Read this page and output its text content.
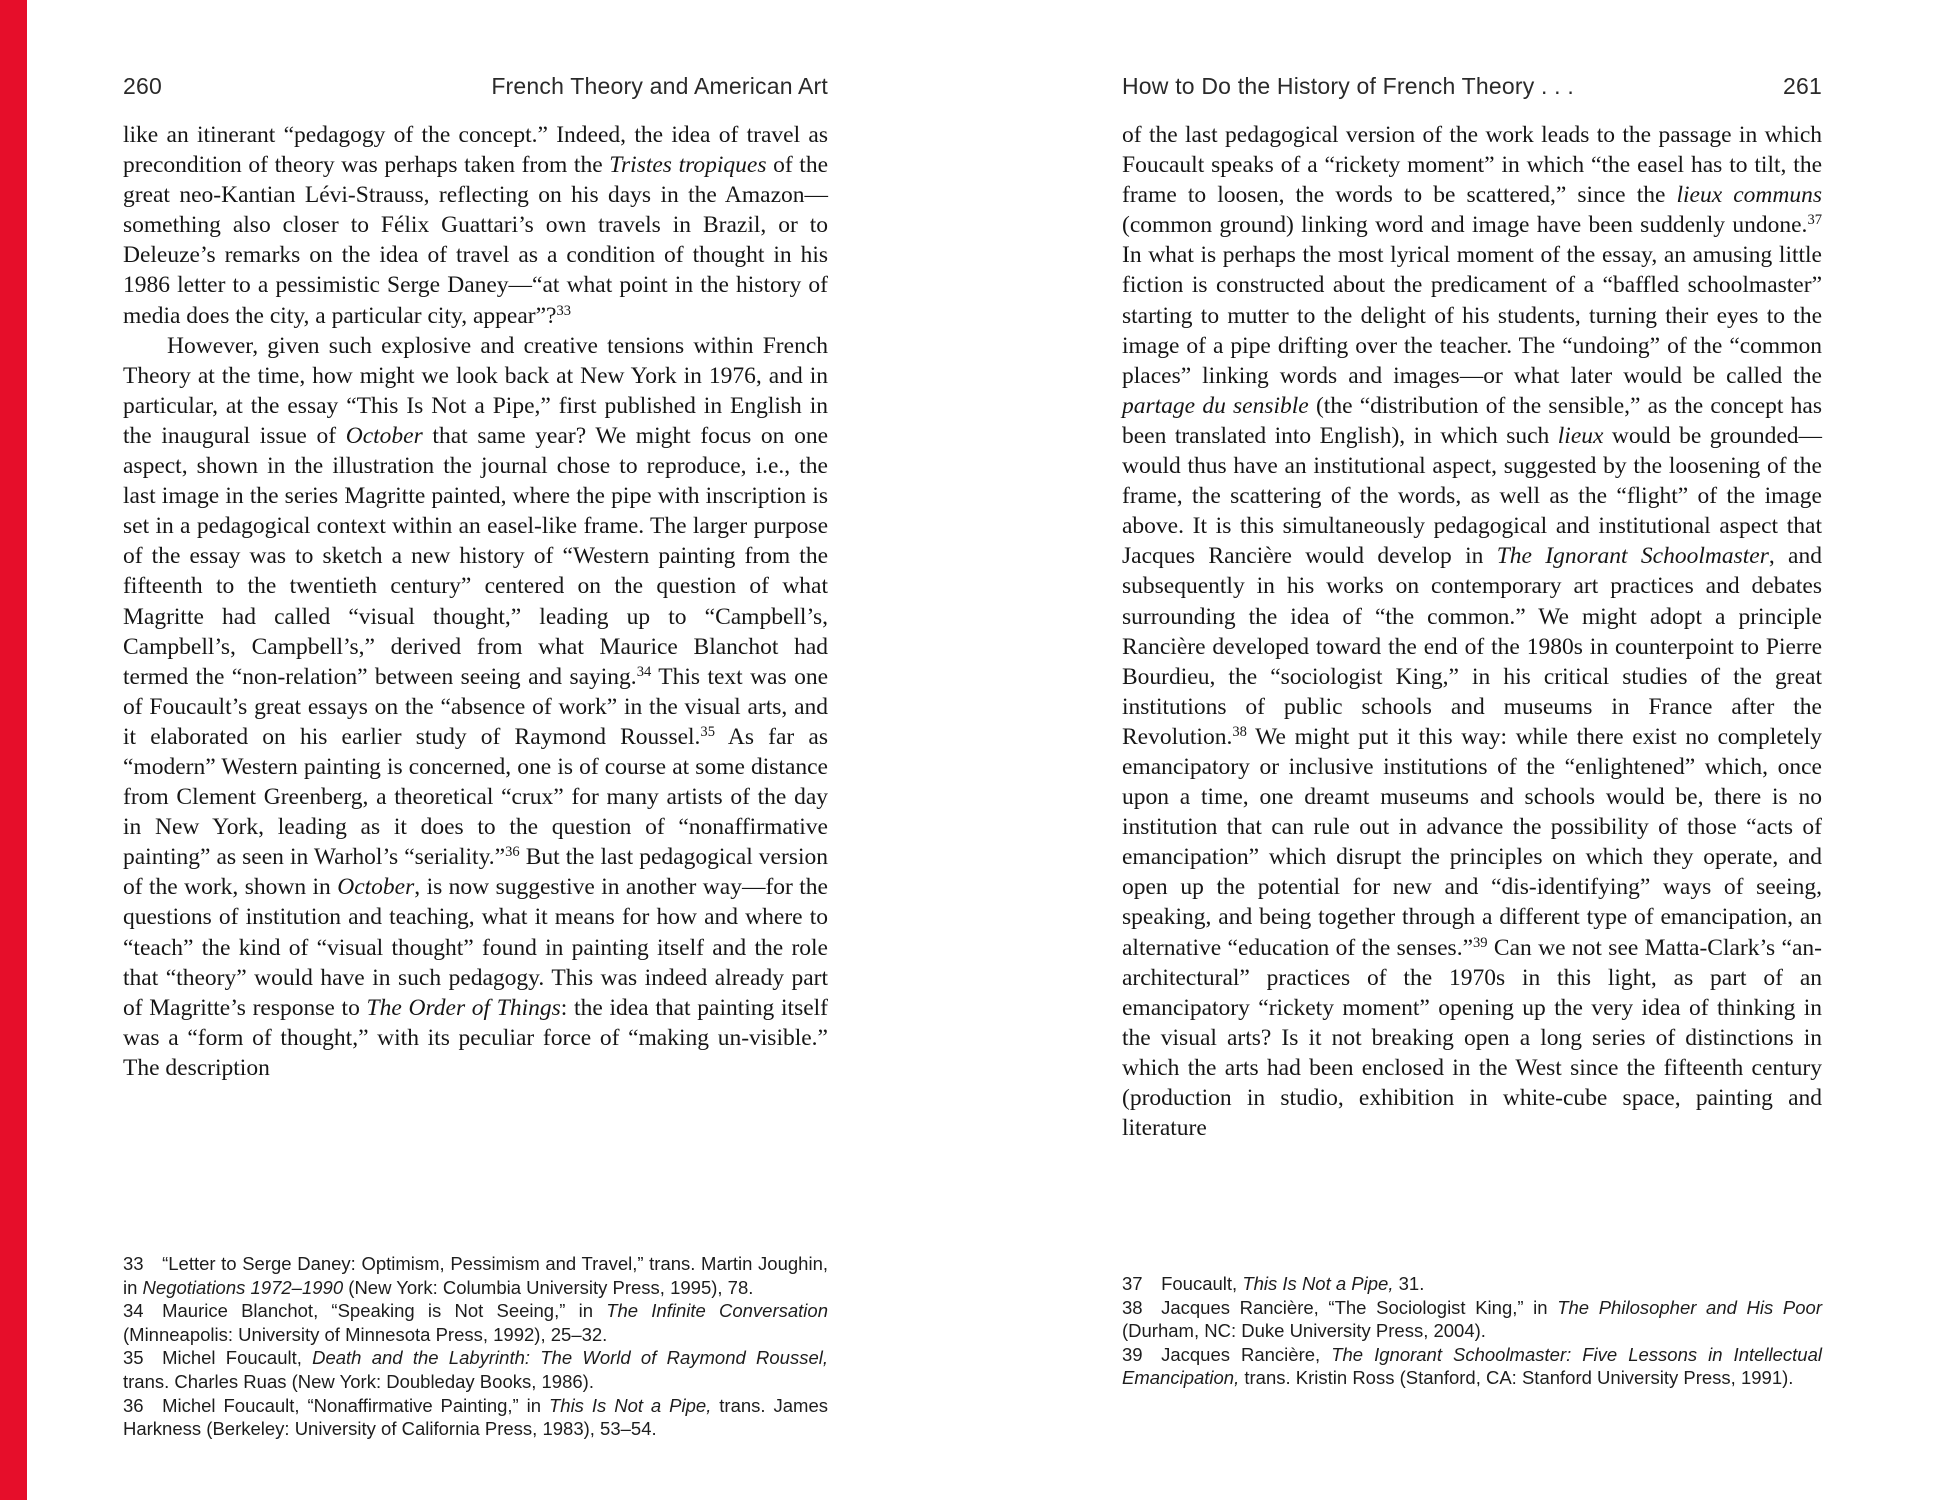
260	French Theory and American Art

like an itinerant “pedagogy of the concept.” Indeed, the idea of travel as precondition of theory was perhaps taken from the Tristes tropiques of the great neo-Kantian Lévi-Strauss, reflecting on his days in the Amazon—something also closer to Félix Guattari’s own travels in Brazil, or to Deleuze’s remarks on the idea of travel as a condition of thought in his 1986 letter to a pessimistic Serge Daney—“at what point in the history of media does the city, a particular city, appear”?$^{33}$

However, given such explosive and creative tensions within French Theory at the time, how might we look back at New York in 1976, and in particular, at the essay “This Is Not a Pipe,” first published in English in the inaugural issue of October that same year? We might focus on one aspect, shown in the illustration the journal chose to reproduce, i.e., the last image in the series Magritte painted, where the pipe with inscription is set in a pedagogical context within an easel-like frame. The larger purpose of the essay was to sketch a new history of “Western painting from the fifteenth to the twentieth century” centered on the question of what Magritte had called “visual thought,” leading up to “Campbell’s, Campbell’s, Campbell’s,” derived from what Maurice Blanchot had termed the “non-relation” between seeing and saying.$^{34}$ This text was one of Foucault’s great essays on the “absence of work” in the visual arts, and it elaborated on his earlier study of Raymond Roussel.$^{35}$ As far as “modern” Western painting is concerned, one is of course at some distance from Clement Greenberg, a theoretical “crux” for many artists of the day in New York, leading as it does to the question of “nonaffirmative painting” as seen in Warhol’s “seriality.”$^{36}$ But the last pedagogical version of the work, shown in October, is now suggestive in another way—for the questions of institution and teaching, what it means for how and where to “teach” the kind of “visual thought” found in painting itself and the role that “theory” would have in such pedagogy. This was indeed already part of Magritte’s response to The Order of Things: the idea that painting itself was a “form of thought,” with its peculiar force of “making un-visible.” The description

33  “Letter to Serge Daney: Optimism, Pessimism and Travel,” trans. Martin Joughin, in Negotiations 1972–1990 (New York: Columbia University Press, 1995), 78.

34  Maurice Blanchot, “Speaking is Not Seeing,” in The Infinite Conversation (Minneapolis: University of Minnesota Press, 1992), 25–32.

35  Michel Foucault, Death and the Labyrinth: The World of Raymond Roussel, trans. Charles Ruas (New York: Doubleday Books, 1986).

36  Michel Foucault, “Nonaffirmative Painting,” in This Is Not a Pipe, trans. James Harkness (Berkeley: University of California Press, 1983), 53–54.

How to Do the History of French Theory . . .	261

of the last pedagogical version of the work leads to the passage in which Foucault speaks of a “rickety moment” in which “the easel has to tilt, the frame to loosen, the words to be scattered,” since the lieux communs (common ground) linking word and image have been suddenly undone.$^{37}$ In what is perhaps the most lyrical moment of the essay, an amusing little fiction is constructed about the predicament of a “baffled schoolmaster” starting to mutter to the delight of his students, turning their eyes to the image of a pipe drifting over the teacher. The “undoing” of the “common places” linking words and images—or what later would be called the partage du sensible (the “distribution of the sensible,” as the concept has been translated into English), in which such lieux would be grounded—would thus have an institutional aspect, suggested by the loosening of the frame, the scattering of the words, as well as the “flight” of the image above. It is this simultaneously pedagogical and institutional aspect that Jacques Rancière would develop in The Ignorant Schoolmaster, and subsequently in his works on contemporary art practices and debates surrounding the idea of “the common.” We might adopt a principle Rancière developed toward the end of the 1980s in counterpoint to Pierre Bourdieu, the “sociologist King,” in his critical studies of the great institutions of public schools and museums in France after the Revolution.$^{38}$ We might put it this way: while there exist no completely emancipatory or inclusive institutions of the “enlightened” which, once upon a time, one dreamt museums and schools would be, there is no institution that can rule out in advance the possibility of those “acts of emancipation” which disrupt the principles on which they operate, and open up the potential for new and “dis-identifying” ways of seeing, speaking, and being together through a different type of emancipation, an alternative “education of the senses.”$^{39}$ Can we not see Matta-Clark’s “an-architectural” practices of the 1970s in this light, as part of an emancipatory “rickety moment” opening up the very idea of thinking in the visual arts? Is it not breaking open a long series of distinctions in which the arts had been enclosed in the West since the fifteenth century (production in studio, exhibition in white-cube space, painting and literature

37  Foucault, This Is Not a Pipe, 31.

38  Jacques Rancière, “The Sociologist King,” in The Philosopher and His Poor (Durham, NC: Duke University Press, 2004).

39  Jacques Rancière, The Ignorant Schoolmaster: Five Lessons in Intellectual Emancipation, trans. Kristin Ross (Stanford, CA: Stanford University Press, 1991).
